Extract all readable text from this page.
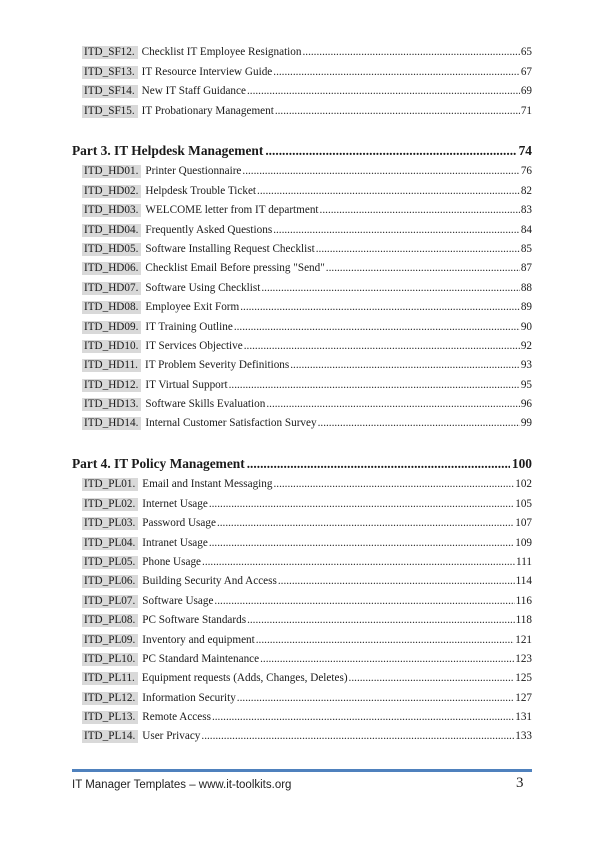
ITD_SF12. Checklist IT Employee Resignation .....	65
ITD_SF13. IT Resource Interview Guide .....	67
ITD_SF14. New IT Staff Guidance .....	69
ITD_SF15. IT Probationary Management .....	71
Part 3. IT Helpdesk Management .....	74
ITD_HD01. Printer Questionnaire .....	76
ITD_HD02. Helpdesk Trouble Ticket .....	82
ITD_HD03. WELCOME letter from IT department .....	83
ITD_HD04. Frequently Asked Questions .....	84
ITD_HD05. Software Installing Request Checklist .....	85
ITD_HD06. Checklist Email Before pressing "Send" .....	87
ITD_HD07. Software Using Checklist .....	88
ITD_HD08. Employee Exit Form .....	89
ITD_HD09. IT Training Outline .....	90
ITD_HD10. IT Services Objective .....	92
ITD_HD11. IT Problem Severity Definitions .....	93
ITD_HD12. IT Virtual Support .....	95
ITD_HD13. Software Skills Evaluation .....	96
ITD_HD14. Internal Customer Satisfaction Survey .....	99
Part 4. IT Policy Management .....	100
ITD_PL01. Email and Instant Messaging .....	102
ITD_PL02. Internet Usage .....	105
ITD_PL03. Password Usage .....	107
ITD_PL04. Intranet Usage .....	109
ITD_PL05. Phone Usage .....	111
ITD_PL06. Building Security And Access .....	114
ITD_PL07. Software Usage .....	116
ITD_PL08. PC Software Standards .....	118
ITD_PL09. Inventory and equipment .....	121
ITD_PL10. PC Standard Maintenance .....	123
ITD_PL11. Equipment requests (Adds, Changes, Deletes) .....	125
ITD_PL12. Information Security .....	127
ITD_PL13. Remote Access .....	131
ITD_PL14. User Privacy .....	133
IT Manager Templates – www.it-toolkits.org	3
